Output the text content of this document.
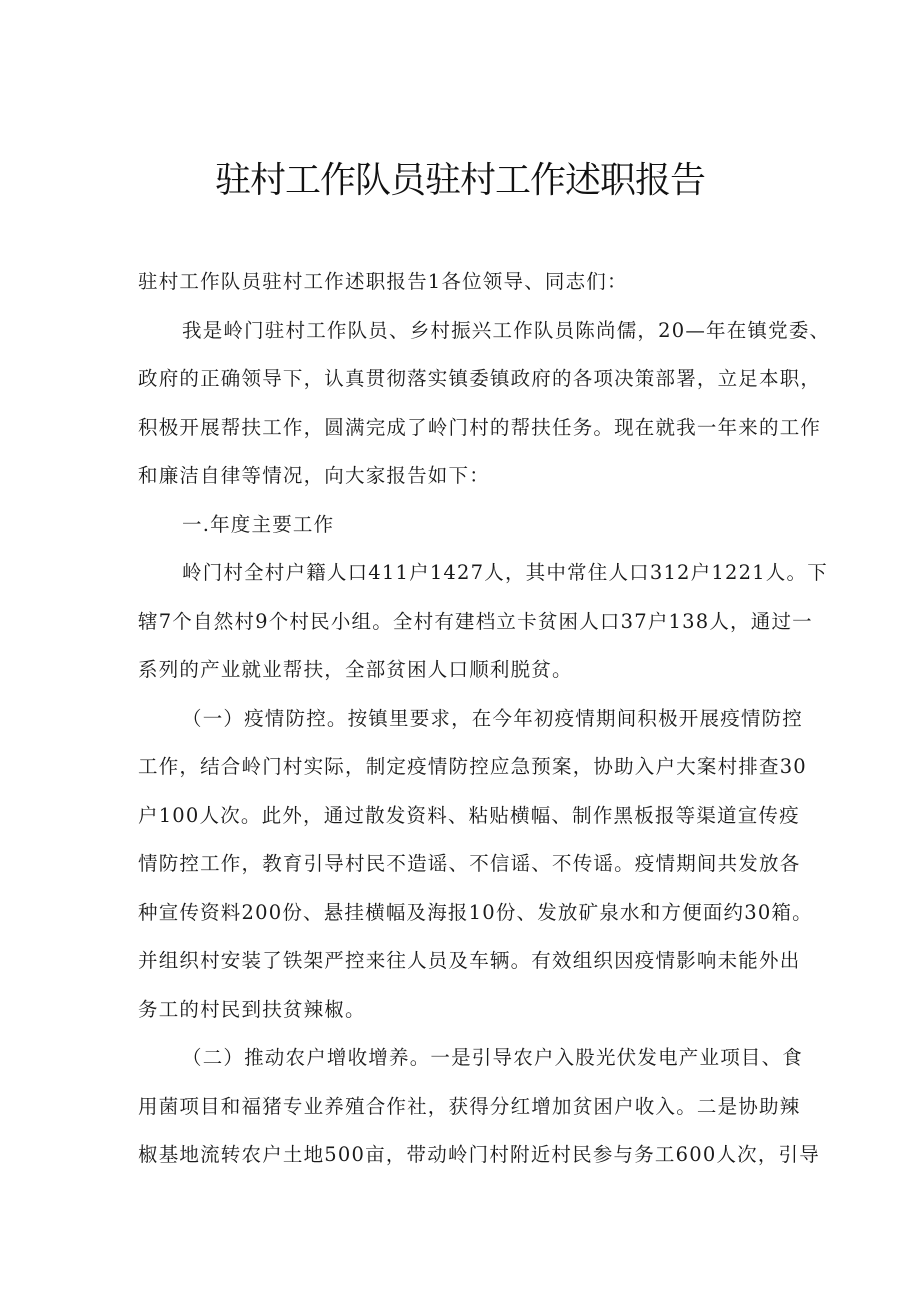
驻村工作队员驻村工作述职报告

驻村工作队员驻村工作述职报告1各位领导、同志们：

我是岭门驻村工作队员、乡村振兴工作队员陈尚儒，20—年在镇党委、
政府的正确领导下，认真贯彻落实镇委镇政府的各项决策部署，立足本职，
积极开展帮扶工作，圆满完成了岭门村的帮扶任务。现在就我一年来的工作
和廉洁自律等情况，向大家报告如下：

一.年度主要工作

岭门村全村户籍人口411户1427人，其中常住人口312户1221人。下
辖7个自然村9个村民小组。全村有建档立卡贫困人口37户138人，通过一
系列的产业就业帮扶，全部贫困人口顺利脱贫。

（一）疫情防控。按镇里要求，在今年初疫情期间积极开展疫情防控
工作，结合岭门村实际，制定疫情防控应急预案，协助入户大案村排查30
户100人次。此外，通过散发资料、粘贴横幅、制作黑板报等渠道宣传疫
情防控工作，教育引导村民不造谣、不信谣、不传谣。疫情期间共发放各
种宣传资料200份、悬挂横幅及海报10份、发放矿泉水和方便面约30箱。
并组织村安装了铁架严控来往人员及车辆。有效组织因疫情影响未能外出
务工的村民到扶贫辣椒。

（二）推动农户增收增养。一是引导农户入股光伏发电产业项目、食
用菌项目和福猪专业养殖合作社，获得分红增加贫困户收入。二是协助辣
椒基地流转农户土地500亩，带动岭门村附近村民参与务工600人次，引导
